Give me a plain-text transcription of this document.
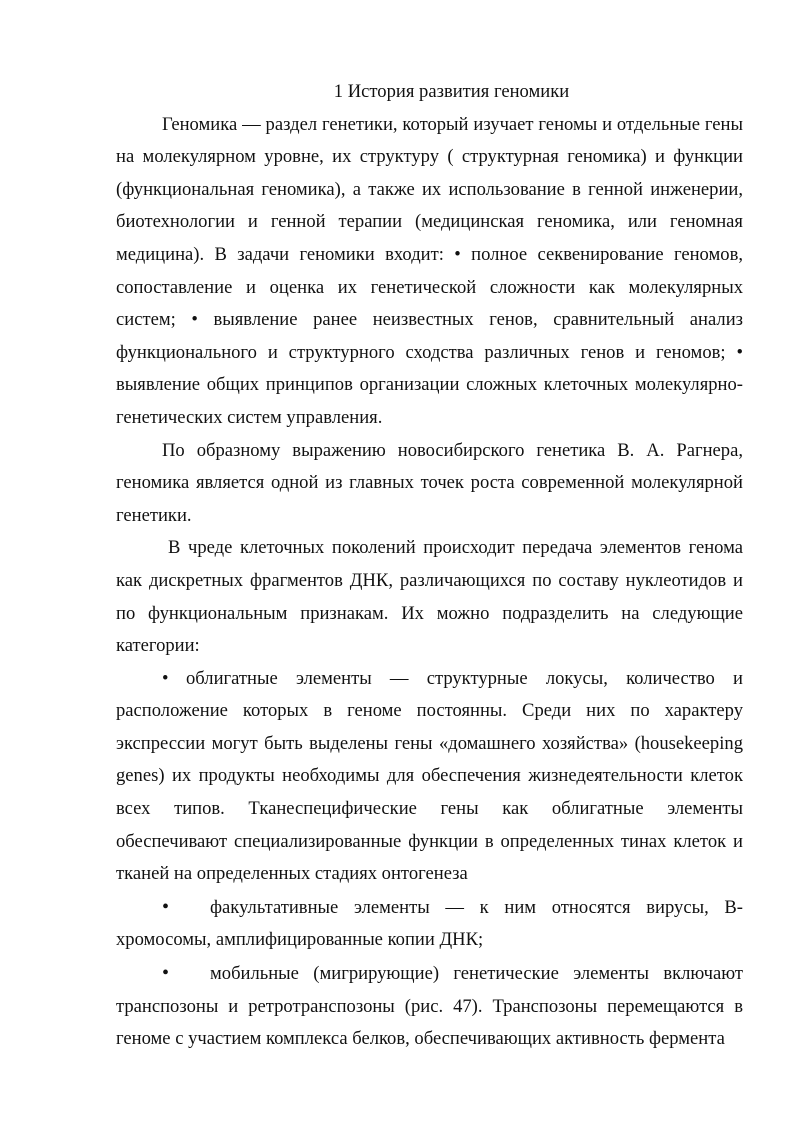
1 История развития геномики

Геномика — раздел генетики, который изучает геномы и отдельные гены на молекулярном уровне, их структуру ( структурная геномика) и функции (функциональная геномика), а также их использование в генной инженерии, биотехнологии и генной терапии (медицинская геномика, или геномная медицина). В задачи геномики входит: • полное секвенирование геномов, сопоставление и оценка их генетической сложности как молекулярных систем; • выявление ранее неизвестных генов, сравнительный анализ функционального и структурного сходства различных генов и геномов; • выявление общих принципов организации сложных клеточных молекулярно-генетических систем управления.

По образному выражению новосибирского генетика В. А. Рагнера, геномика является одной из главных точек роста современной молекулярной генетики.

В чреде клеточных поколений происходит передача элементов генома как дискретных фрагментов ДНК, различающихся по составу нуклеотидов и по функциональным признакам. Их можно подразделить на следующие категории:

• облигатные элементы — структурные локусы, количество и расположение которых в геноме постоянны. Среди них по характеру экспрессии могут быть выделены гены «домашнего хозяйства» (housekeeping genes) их продукты необходимы для обеспечения жизнедеятельности клеток всех типов. Тканеспецифические гены как облигатные элементы обеспечивают специализированные функции в определенных тинах клеток и тканей на определенных стадиях онтогенеза
• факультативные элементы — к ним относятся вирусы, В-хромосомы, амплифицированные копии ДНК;
• мобильные (мигрирующие) генетические элементы включают транспозоны и ретротранспозоны (рис. 47). Транспозоны перемещаются в геноме с участием комплекса белков, обеспечивающих активность фермента
